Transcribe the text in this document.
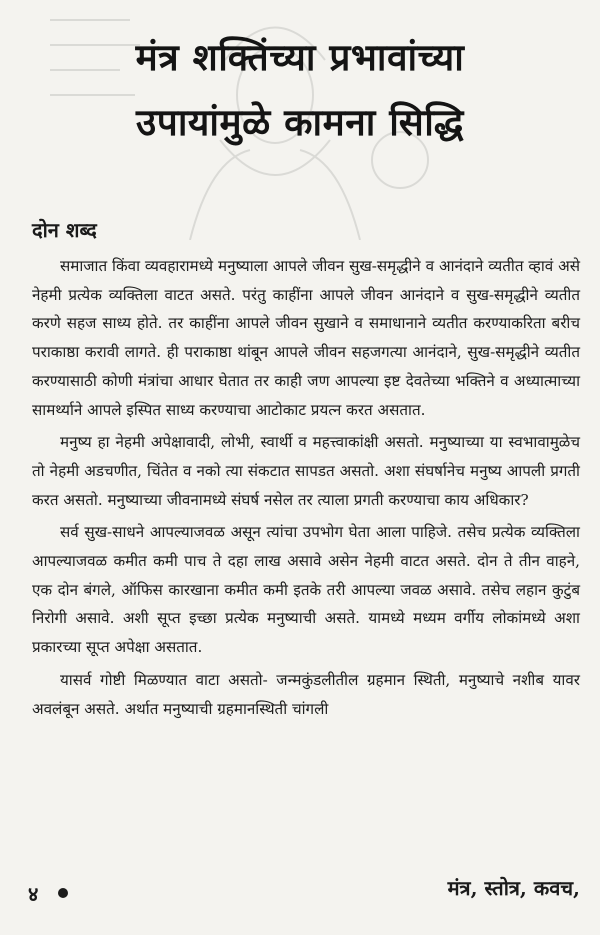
मंत्र शक्तिंच्या प्रभावांच्या
उपायांमुळे कामना सिद्धि
दोन शब्द

समाजात किंवा व्यवहारामध्ये मनुष्याला आपले जीवन सुख-समृद्धीने व आनंदाने व्यतीत व्हावं असे नेहमी प्रत्येक व्यक्तिला वाटत असते. परंतु काहींना आपले जीवन आनंदाने व सुख-समृद्धीने व्यतीत करणे सहज साध्य होते. तर काहींना आपले जीवन सुखाने व समाधानाने व्यतीत करण्याकरिता बरीच पराकाष्ठा करावी लागते. ही पराकाष्ठा थांबून आपले जीवन सहजगत्या आनंदाने, सुख-समृद्धीने व्यतीत करण्यासाठी कोणी मंत्रांचा आधार घेतात तर काही जण आपल्या इष्ट देवतेच्या भक्तिने व अध्यात्माच्या सामर्थ्याने आपले इस्पित साध्य करण्याचा आटोकाट प्रयत्न करत असतात.

मनुष्य हा नेहमी अपेक्षावादी, लोभी, स्वार्थी व महत्त्वाकांक्षी असतो. मनुष्याच्या या स्वभावामुळेच तो नेहमी अडचणीत, चिंतेत व नको त्या संकटात सापडत असतो. अशा संघर्षानेच मनुष्य आपली प्रगती करत असतो. मनुष्याच्या जीवनामध्ये संघर्ष नसेल तर त्याला प्रगती करण्याचा काय अधिकार?

सर्व सुख-साधने आपल्याजवळ असून त्यांचा उपभोग घेता आला पाहिजे. तसेच प्रत्येक व्यक्तिला आपल्याजवळ कमीत कमी पाच ते दहा लाख असावे असेन नेहमी वाटत असते. दोन ते तीन वाहने, एक दोन बंगले, ऑफिस कारखाना कमीत कमी इतके तरी आपल्या जवळ असावे. तसेच लहान कुटुंब निरोगी असावे. अशी सूप्त इच्छा प्रत्येक मनुष्याची असते. यामध्ये मध्यम वर्गीय लोकांमध्ये अशा प्रकारच्या सूप्त अपेक्षा असतात.

यासर्व गोष्टी मिळण्यात वाटा असतो- जन्मकुंडलीतील ग्रहमान स्थिती, मनुष्याचे नशीब यावर अवलंबून असते. अर्थात मनुष्याची ग्रहमानस्थिती चांगली

४	मंत्र, स्तोत्र, कवच,
